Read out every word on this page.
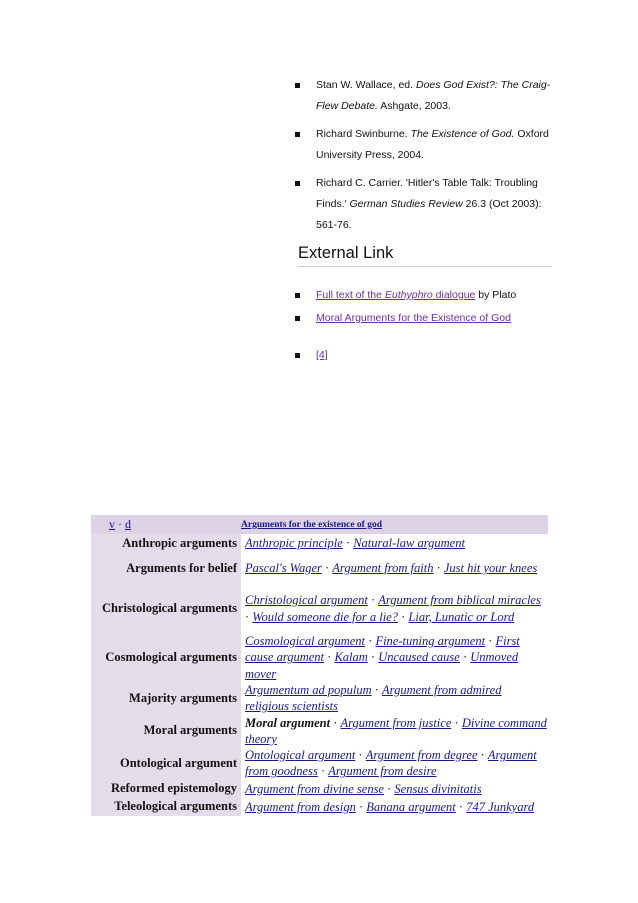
Stan W. Wallace, ed. Does God Exist?: The Craig-Flew Debate. Ashgate, 2003.
Richard Swinburne. The Existence of God. Oxford University Press, 2004.
Richard C. Carrier. 'Hitler's Table Talk: Troubling Finds.' German Studies Review 26.3 (Oct 2003): 561-76.
External Link
Full text of the Euthyphro dialogue by Plato
Moral Arguments for the Existence of God
[4]
v · d	Arguments for the existence of god
Anthropic arguments	Anthropic principle · Natural-law argument
Arguments for belief	Pascal's Wager · Argument from faith · Just hit your knees
Christological arguments	Christological argument · Argument from biblical miracles · Would someone die for a lie? · Liar, Lunatic or Lord
Cosmological arguments	Cosmological argument · Fine-tuning argument · First cause argument · Kalam · Uncaused cause · Unmoved mover
Majority arguments	Argumentum ad populum · Argument from admired religious scientists
Moral arguments	Moral argument · Argument from justice · Divine command theory
Ontological argument	Ontological argument · Argument from degree · Argument from goodness · Argument from desire
Reformed epistemology	Argument from divine sense · Sensus divinitatis
Teleological arguments	Argument from design · Banana argument · 747 Junkyard
